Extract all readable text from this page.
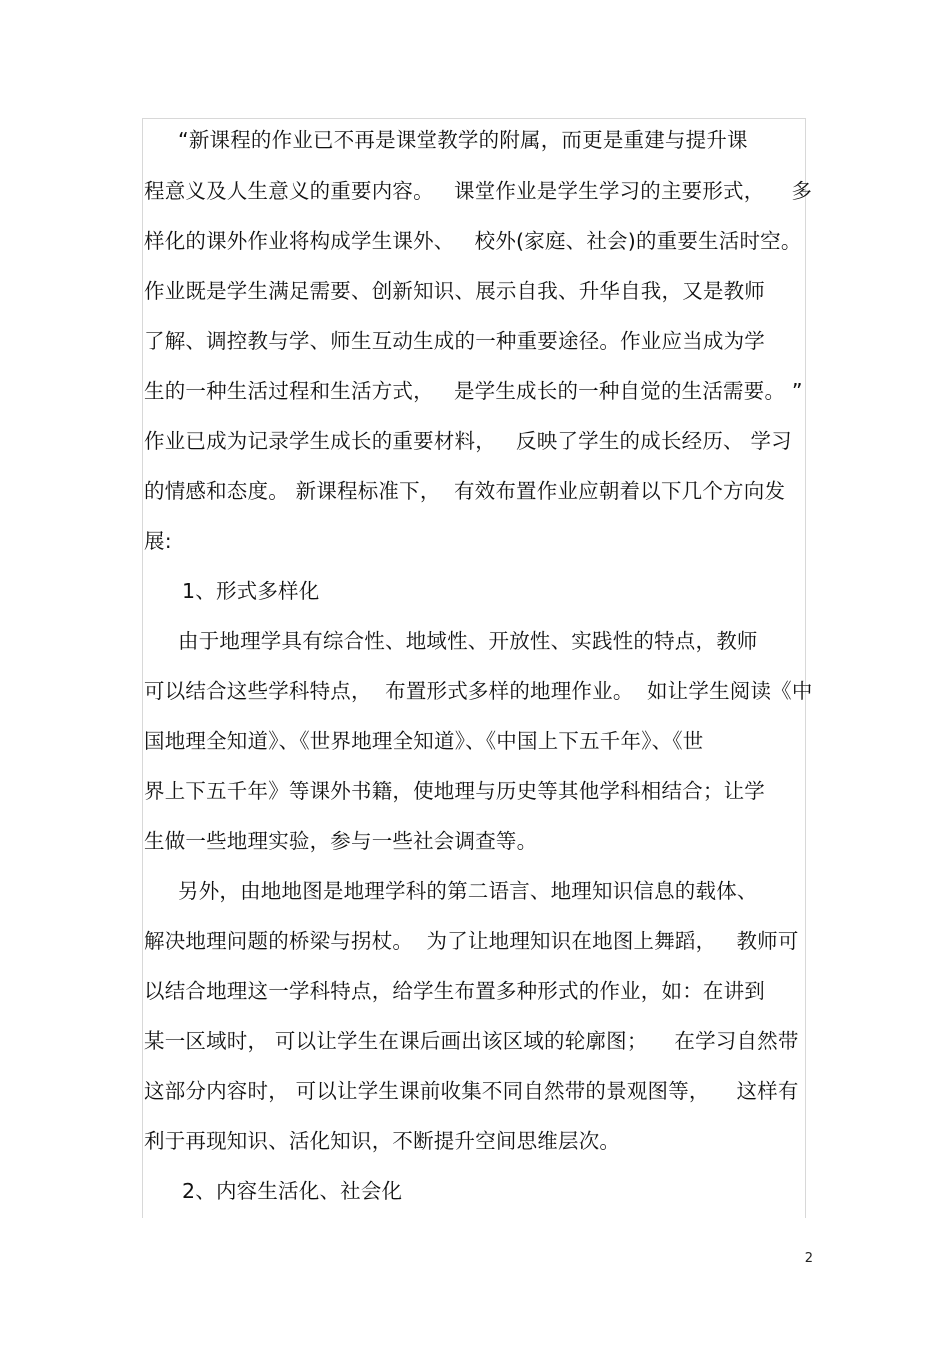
“新课程的作业已不再是课堂教学的附属，而更是重建与提升课
程意义及人生意义的重要内容。   课堂作业是学生学习的主要形式，    多
样化的课外作业将构成学生课外、   校外(家庭、社会)的重要生活时空。
作业既是学生满足需要、创新知识、展示自我、升华自我，又是教师
了解、调控教与学、师生互动生成的一种重要途径。作业应当成为学
生的一种生活过程和生活方式，   是学生成长的一种自觉的生活需要。 ”
作业已成为记录学生成长的重要材料，   反映了学生的成长经历、 学习
的情感和态度。 新课程标准下，  有效布置作业应朝着以下几个方向发
展:
1、形式多样化
由于地理学具有综合性、地域性、开放性、实践性的特点，教师
可以结合这些学科特点，  布置形式多样的地理作业。  如让学生阅读《中
国地理全知道》、《世界地理全知道》、《中国上下五千年》、《世
界上下五千年》等课外书籍，使地理与历史等其他学科相结合；让学
生做一些地理实验，参与一些社会调查等。
另外，由地地图是地理学科的第二语言、地理知识信息的载体、
解决地理问题的桥梁与拐杖。  为了让地理知识在地图上舞蹈，   教师可
以结合地理这一学科特点，给学生布置多种形式的作业，如：在讲到
某一区域时， 可以让学生在课后画出该区域的轮廓图；    在学习自然带
这部分内容时， 可以让学生课前收集不同自然带的景观图等，    这样有
利于再现知识、活化知识，不断提升空间思维层次。
2、内容生活化、社会化
2
